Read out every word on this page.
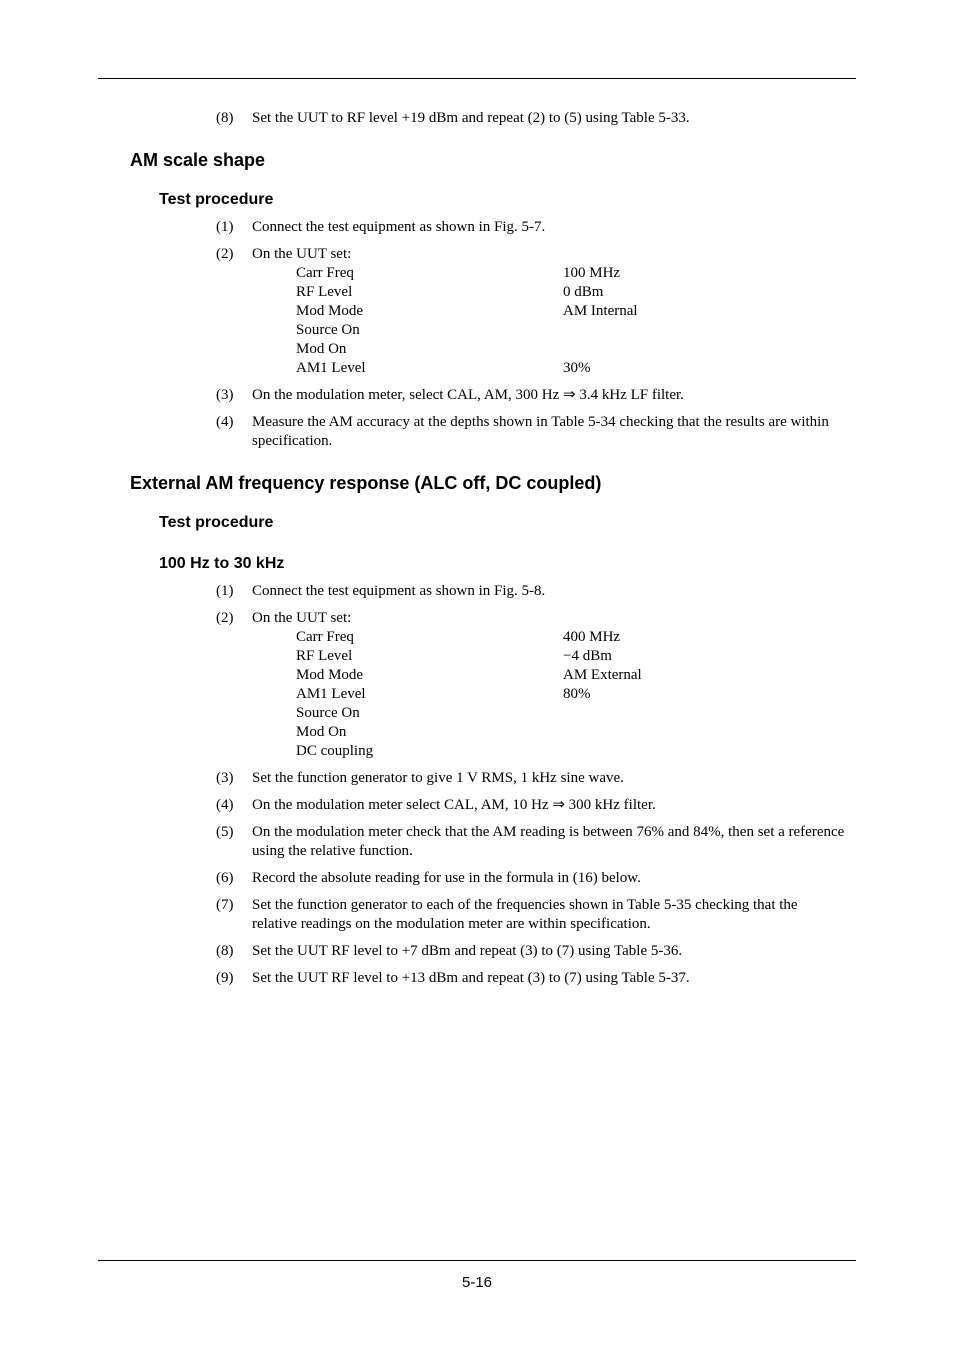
(8) Set the UUT to RF level +19 dBm and repeat (2) to (5) using Table 5-33.
AM scale shape
Test procedure
(1) Connect the test equipment as shown in Fig. 5-7.
(2) On the UUT set:
Carr Freq	100 MHz
RF Level	0 dBm
Mod Mode	AM Internal
Source On
Mod On
AM1 Level	30%
(3) On the modulation meter, select CAL, AM, 300 Hz ⇒ 3.4 kHz LF filter.
(4) Measure the AM accuracy at the depths shown in Table 5-34 checking that the results are within specification.
External AM frequency response (ALC off, DC coupled)
Test procedure
100 Hz to 30 kHz
(1) Connect the test equipment as shown in Fig. 5-8.
(2) On the UUT set:
Carr Freq	400 MHz
RF Level	−4 dBm
Mod Mode	AM External
AM1 Level	80%
Source On
Mod On
DC coupling
(3) Set the function generator to give 1 V RMS, 1 kHz sine wave.
(4) On the modulation meter select CAL, AM, 10 Hz ⇒ 300 kHz filter.
(5) On the modulation meter check that the AM reading is between 76% and 84%, then set a reference using the relative function.
(6) Record the absolute reading for use in the formula in (16) below.
(7) Set the function generator to each of the frequencies shown in Table 5-35 checking that the relative readings on the modulation meter are within specification.
(8) Set the UUT RF level to +7 dBm and repeat (3) to (7) using Table 5-36.
(9) Set the UUT RF level to +13 dBm and repeat (3) to (7) using Table 5-37.
5-16
